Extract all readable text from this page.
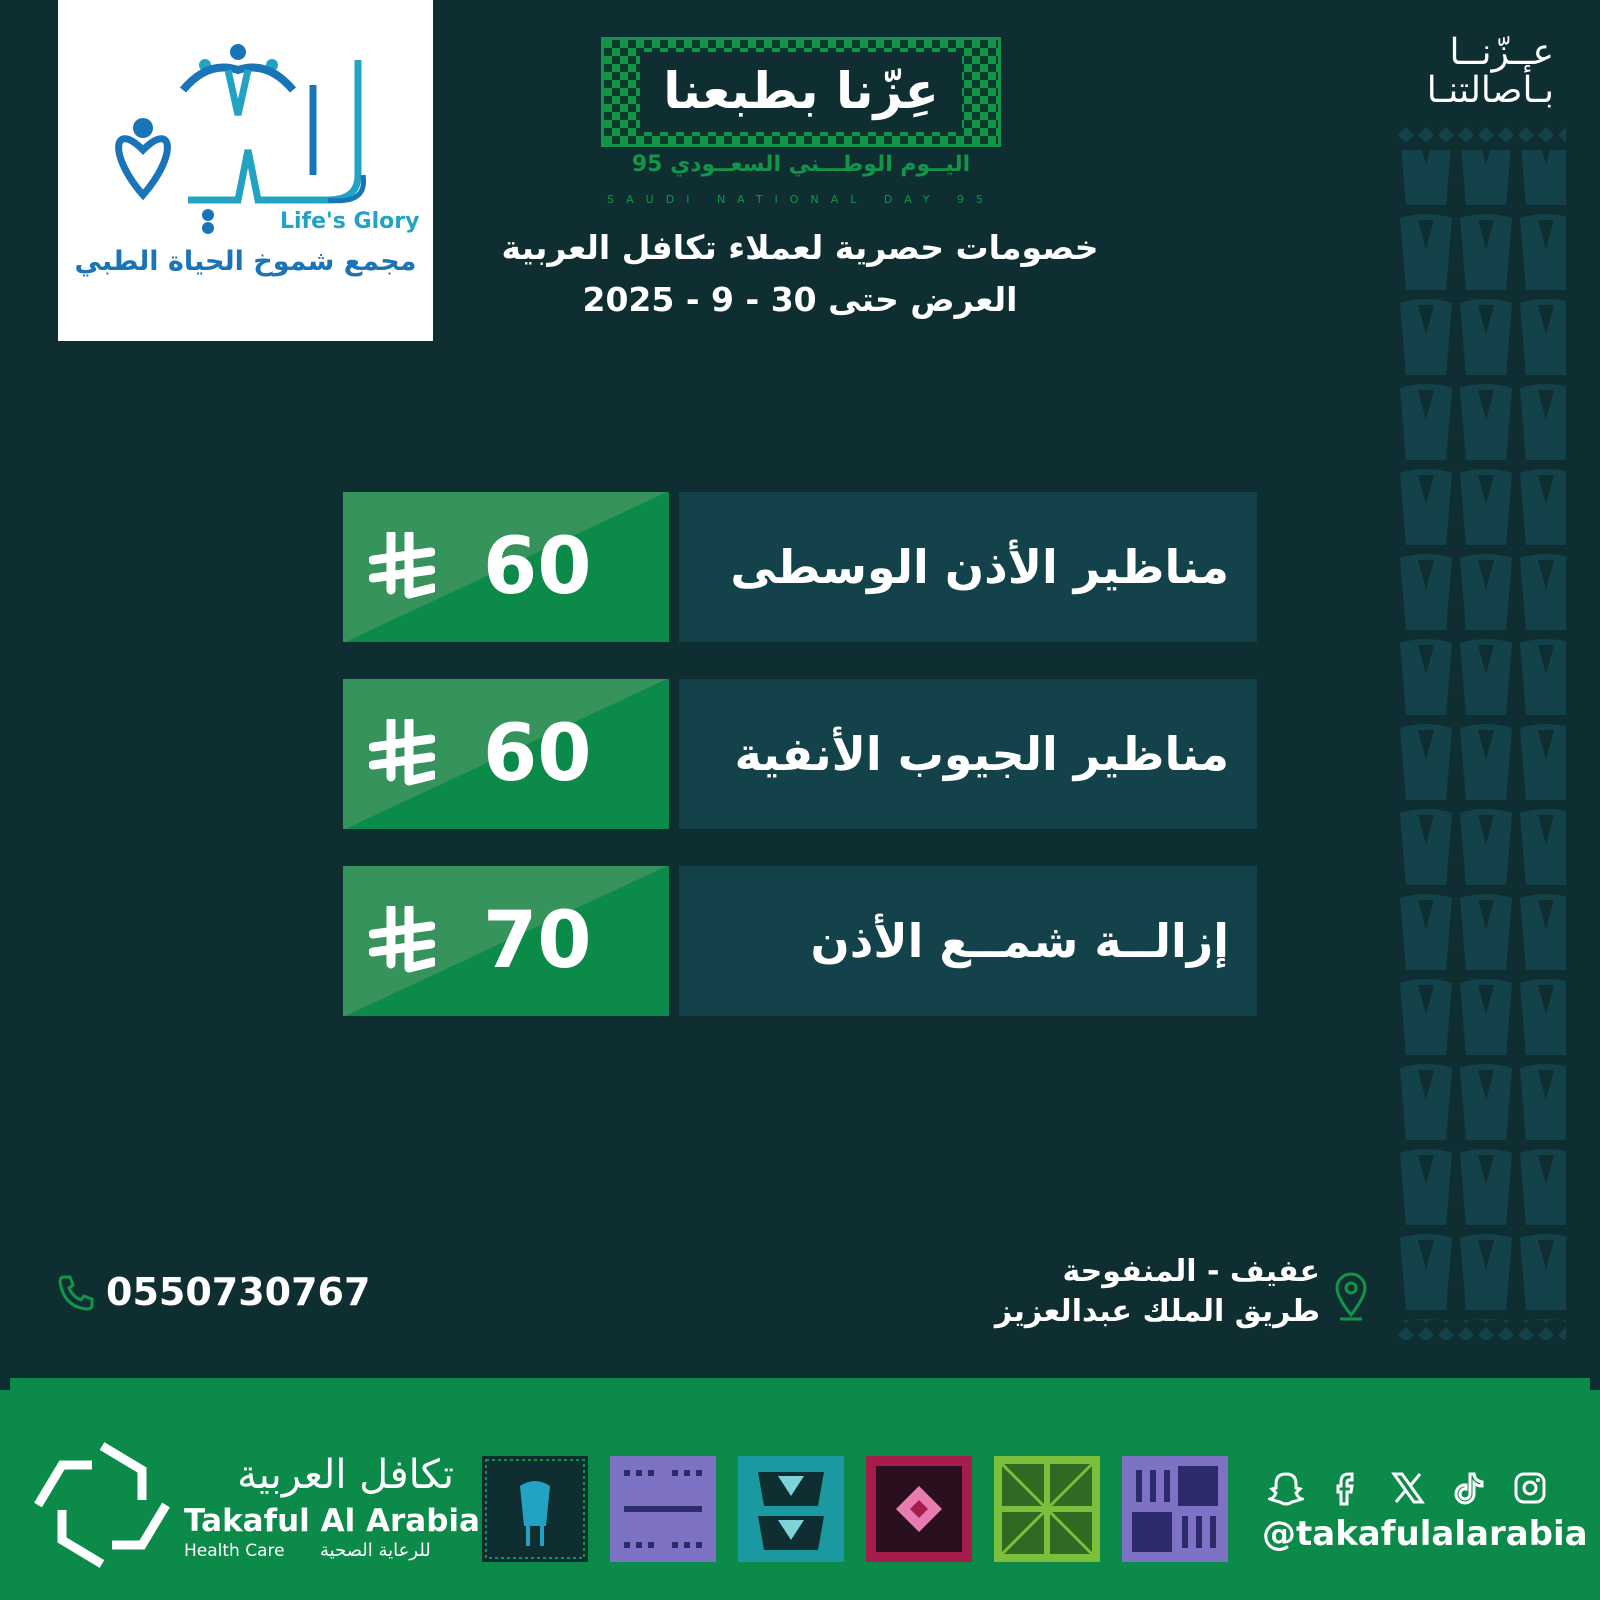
Life's Glory
مجمع شموخ الحياة الطبي
عِزّنا بطبعنا
اليــوم الوطـــني السعــودي 95
SAUDI NATIONAL DAY 95
خصومات حصرية لعملاء تكافل العربية
العرض حتى 30 - 9 - 2025
عــزّنــا
بـأصالتنـا
60	مناظير الأذن الوسطى
60	مناظير الجيوب الأنفية
70	إزالــة شمــع الأذن
0550730767	عفيف - المنفوحة
طريق الملك عبدالعزيز
تكافل العربية
Takaful Al Arabia
Health Care للرعاية الصحية	@takafulalarabia
